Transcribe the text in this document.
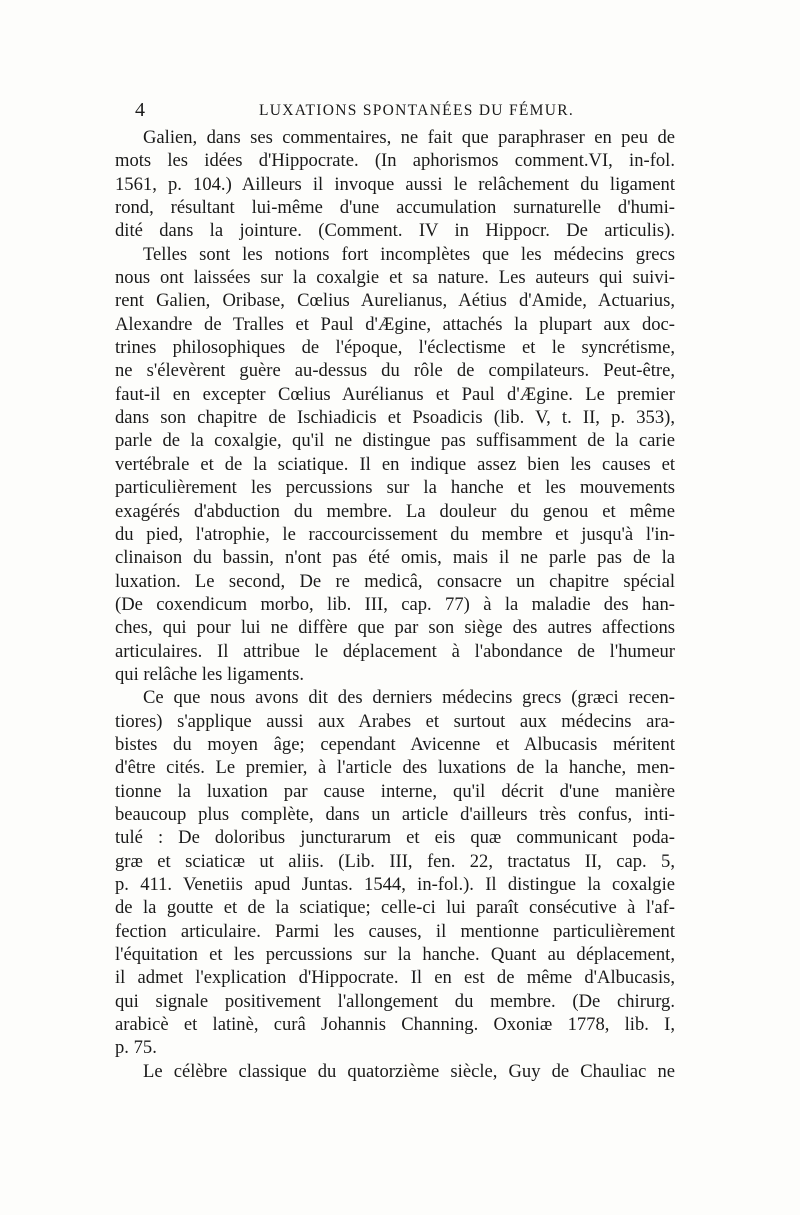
4	LUXATIONS SPONTANÉES DU FÉMUR.
Galien, dans ses commentaires, ne fait que paraphraser en peu de
mots les idées d'Hippocrate. (In aphorismos comment.VI, in-fol.
1561, p. 104.) Ailleurs il invoque aussi le relâchement du ligament
rond, résultant lui-même d'une accumulation surnaturelle d'humi-
dité dans la jointure. (Comment. IV in Hippocr. De articulis).
Telles sont les notions fort incomplètes que les médecins grecs
nous ont laissées sur la coxalgie et sa nature. Les auteurs qui suivi-
rent Galien, Oribase, Cœlius Aurelianus, Aétius d'Amide, Actuarius,
Alexandre de Tralles et Paul d'Ægine, attachés la plupart aux doc-
trines philosophiques de l'époque, l'éclectisme et le syncrétisme,
ne s'élevèrent guère au-dessus du rôle de compilateurs. Peut-être,
faut-il en excepter Cœlius Aurélianus et Paul d'Ægine. Le premier
dans son chapitre de Ischiadicis et Psoadicis (lib. V, t. II, p. 353),
parle de la coxalgie, qu'il ne distingue pas suffisamment de la carie
vertébrale et de la sciatique. Il en indique assez bien les causes et
particulièrement les percussions sur la hanche et les mouvements
exagérés d'abduction du membre. La douleur du genou et même
du pied, l'atrophie, le raccourcissement du membre et jusqu'à l'in-
clinaison du bassin, n'ont pas été omis, mais il ne parle pas de la
luxation. Le second, De re medicâ, consacre un chapitre spécial
(De coxendicum morbo, lib. III, cap. 77) à la maladie des han-
ches, qui pour lui ne diffère que par son siège des autres affections
articulaires. Il attribue le déplacement à l'abondance de l'humeur
qui relâche les ligaments.
Ce que nous avons dit des derniers médecins grecs (græci recen-
tiores) s'applique aussi aux Arabes et surtout aux médecins ara-
bistes du moyen âge; cependant Avicenne et Albucasis méritent
d'être cités. Le premier, à l'article des luxations de la hanche, men-
tionne la luxation par cause interne, qu'il décrit d'une manière
beaucoup plus complète, dans un article d'ailleurs très confus, inti-
tulé : De doloribus juncturarum et eis quæ communicant poda-
græ et sciaticæ ut aliis. (Lib. III, fen. 22, tractatus II, cap. 5,
p. 411. Venetiis apud Juntas. 1544, in-fol.). Il distingue la coxalgie
de la goutte et de la sciatique; celle-ci lui paraît consécutive à l'af-
fection articulaire. Parmi les causes, il mentionne particulièrement
l'équitation et les percussions sur la hanche. Quant au déplacement,
il admet l'explication d'Hippocrate. Il en est de même d'Albucasis,
qui signale positivement l'allongement du membre. (De chirurg.
arabicè et latinè, curâ Johannis Channing. Oxoniæ 1778, lib. I,
p. 75.
Le célèbre classique du quatorzième siècle, Guy de Chauliac ne
